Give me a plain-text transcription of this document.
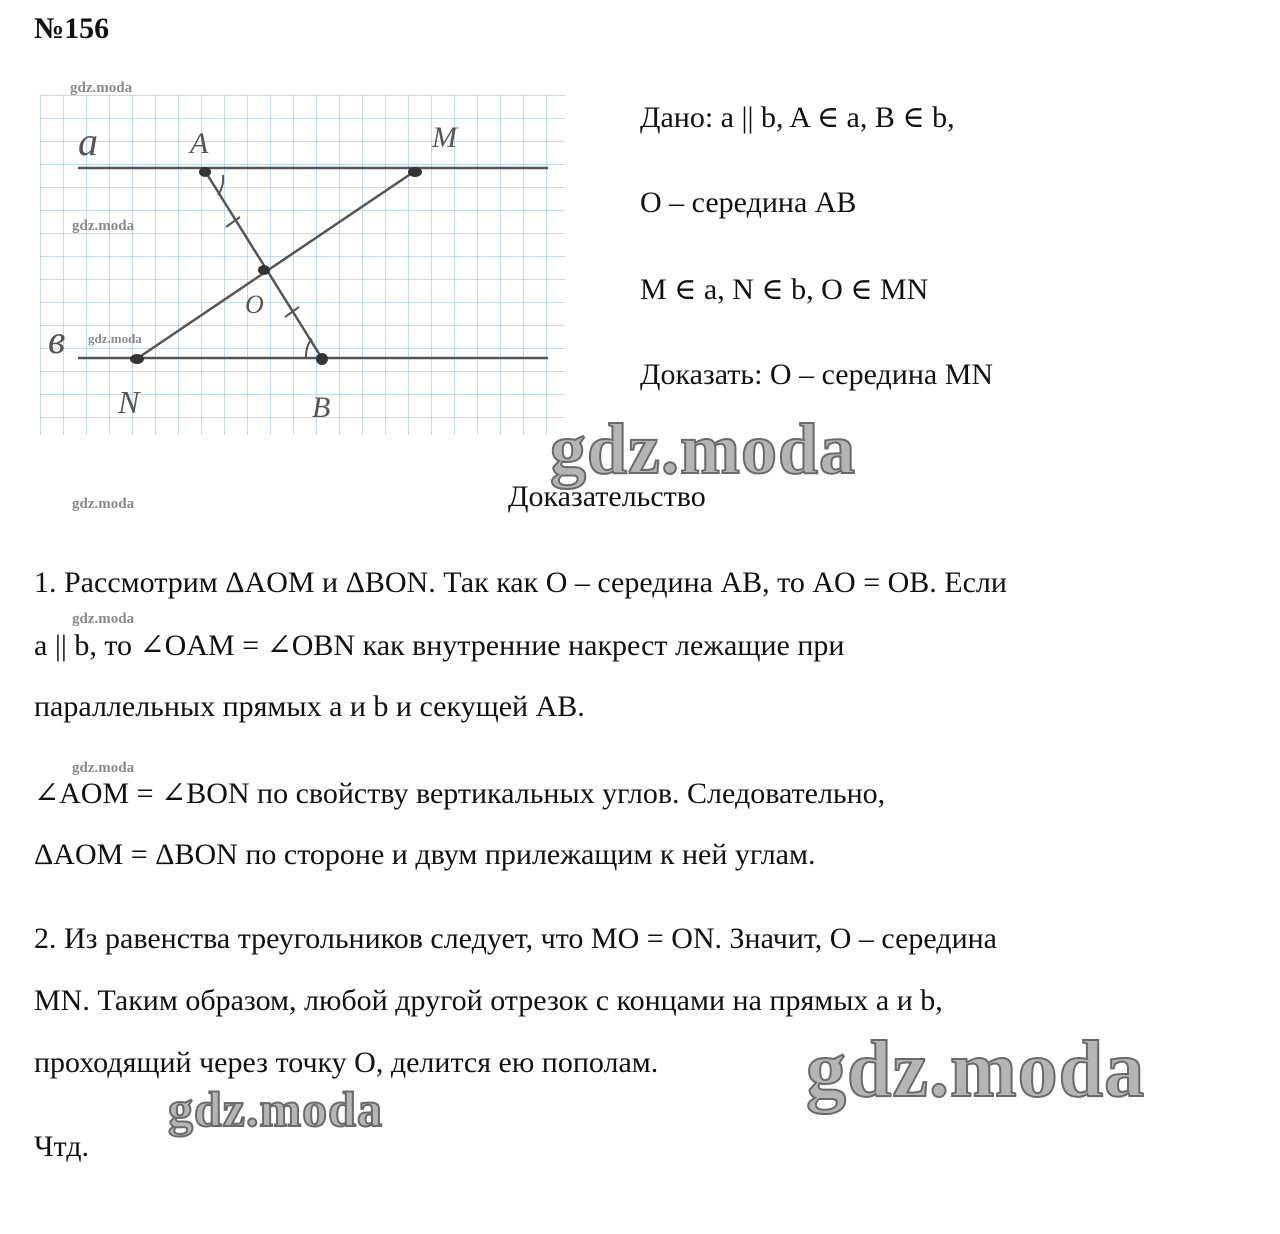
№156
a	A	M
O
в
N	B
gdz.moda
gdz.moda
gdz.moda
Дано: a || b, A ∈ a, B ∈ b,
O – середина AB
M ∈ a, N ∈ b, O ∈ MN
Доказать: O – середина MN
gdz.moda
Доказательство
gdz.moda
1. Рассмотрим ΔAOM и ΔBON. Так как O – середина AB, то AO = OB. Если
gdz.moda
a || b, то ∠OAM = ∠OBN как внутренние накрест лежащие при
параллельных прямых a и b и секущей AB.
gdz.moda
∠AOM = ∠BON по свойству вертикальных углов. Следовательно,
ΔAOM = ΔBON по стороне и двум прилежащим к ней углам.
2. Из равенства треугольников следует, что MO = ON. Значит, O – середина
MN. Таким образом, любой другой отрезок с концами на прямых a и b,
проходящий через точку O, делится ею пополам. gdz.moda
gdz.moda
Чтд.
